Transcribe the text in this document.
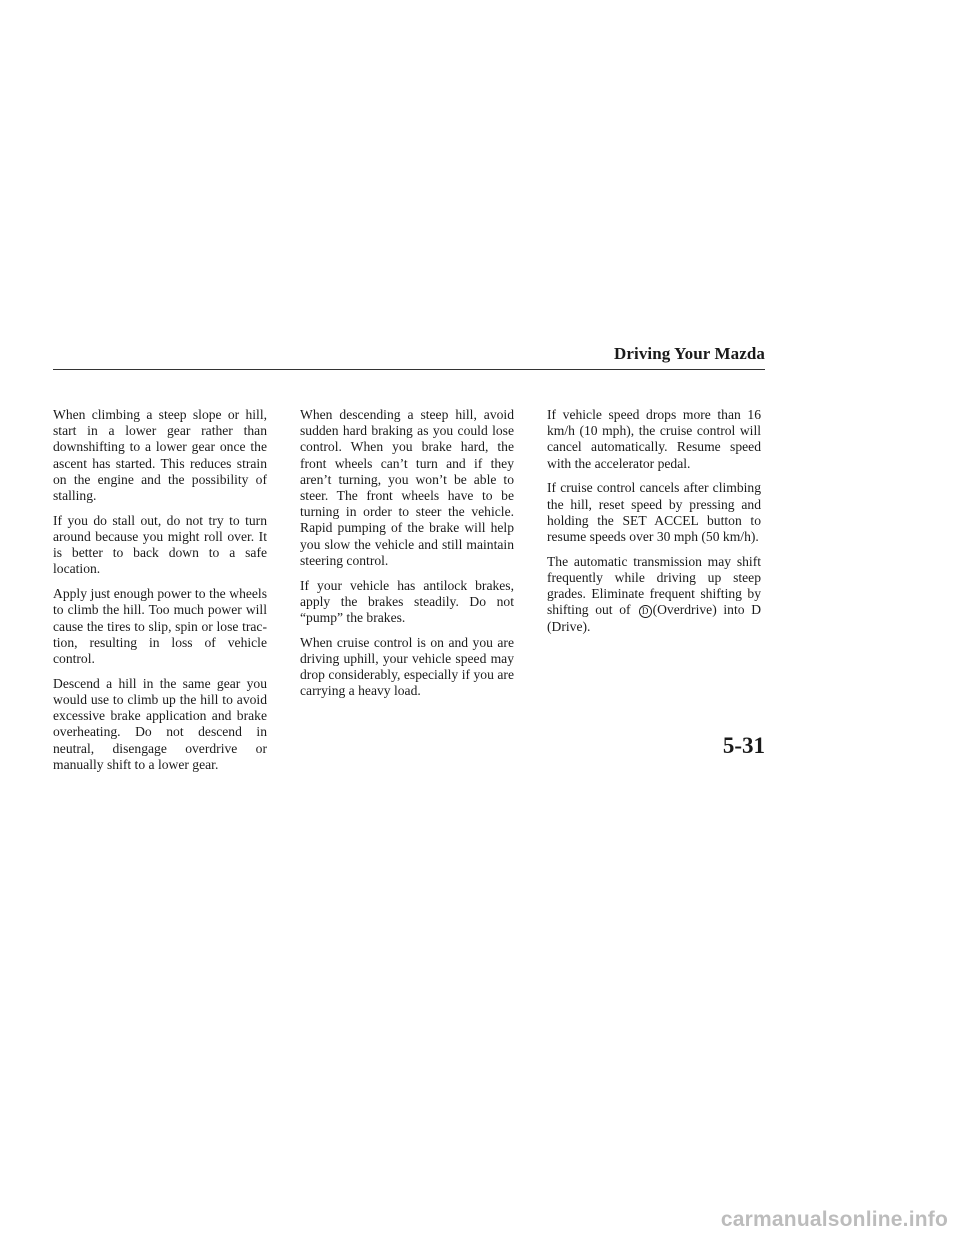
Driving Your Mazda

When climbing a steep slope or hill, start in a lower gear rather than downshifting to a lower gear once the ascent has started. This reduces strain on the engine and the possibility of stalling.

If you do stall out, do not try to turn around because you might roll over. It is better to back down to a safe location.

Apply just enough power to the wheels to climb the hill. Too much power will cause the tires to slip, spin or lose traction, resulting in loss of vehicle control.

Descend a hill in the same gear you would use to climb up the hill to avoid excessive brake application and brake overheating. Do not descend in neutral, disengage overdrive or manually shift to a lower gear.

When descending a steep hill, avoid sudden hard braking as you could lose control. When you brake hard, the front wheels can’t turn and if they aren’t turning, you won’t be able to steer. The front wheels have to be turning in order to steer the vehicle. Rapid pumping of the brake will help you slow the vehicle and still maintain steering control.

If your vehicle has antilock brakes, apply the brakes steadily. Do not “pump” the brakes.

When cruise control is on and you are driving uphill, your vehicle speed may drop considerably, especially if you are carrying a heavy load.

If vehicle speed drops more than 16 km/h (10 mph), the cruise control will cancel automatically. Resume speed with the accelerator pedal.

If cruise control cancels after climbing the hill, reset speed by pressing and holding the SET ACCEL button to resume speeds over 30 mph (50 km/h).

The automatic transmission may shift frequently while driving up steep grades. Eliminate frequent shifting by shifting out of D (Overdrive) into D (Drive).

5-31
carmanualsonline.info
